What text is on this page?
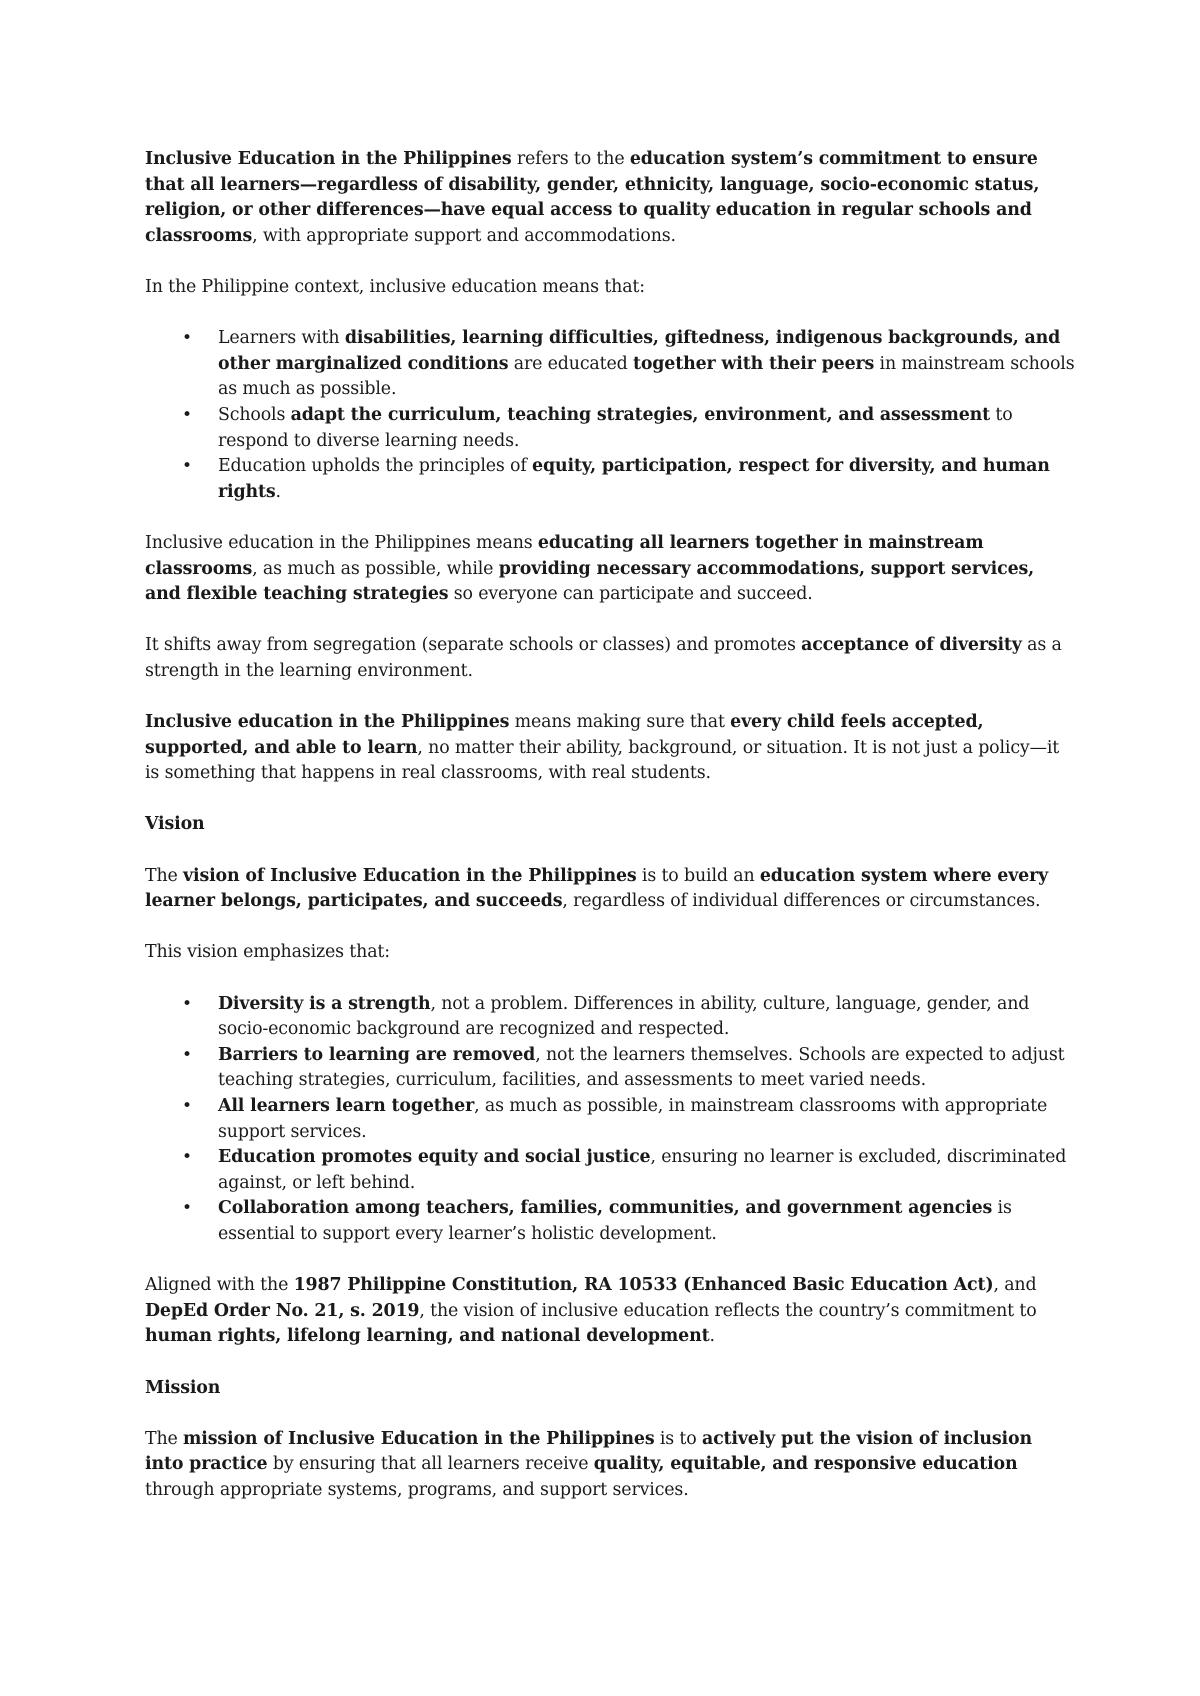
Inclusive Education in the Philippines refers to the education system’s commitment to ensure that all learners—regardless of disability, gender, ethnicity, language, socio-economic status, religion, or other differences—have equal access to quality education in regular schools and classrooms, with appropriate support and accommodations.

In the Philippine context, inclusive education means that:

• Learners with disabilities, learning difficulties, giftedness, indigenous backgrounds, and other marginalized conditions are educated together with their peers in mainstream schools as much as possible.
• Schools adapt the curriculum, teaching strategies, environment, and assessment to respond to diverse learning needs.
• Education upholds the principles of equity, participation, respect for diversity, and human rights.

Inclusive education in the Philippines means educating all learners together in mainstream classrooms, as much as possible, while providing necessary accommodations, support services, and flexible teaching strategies so everyone can participate and succeed.

It shifts away from segregation (separate schools or classes) and promotes acceptance of diversity as a strength in the learning environment.

Inclusive education in the Philippines means making sure that every child feels accepted, supported, and able to learn, no matter their ability, background, or situation. It is not just a policy—it is something that happens in real classrooms, with real students.

Vision

The vision of Inclusive Education in the Philippines is to build an education system where every learner belongs, participates, and succeeds, regardless of individual differences or circumstances.

This vision emphasizes that:

• Diversity is a strength, not a problem. Differences in ability, culture, language, gender, and socio-economic background are recognized and respected.
• Barriers to learning are removed, not the learners themselves. Schools are expected to adjust teaching strategies, curriculum, facilities, and assessments to meet varied needs.
• All learners learn together, as much as possible, in mainstream classrooms with appropriate support services.
• Education promotes equity and social justice, ensuring no learner is excluded, discriminated against, or left behind.
• Collaboration among teachers, families, communities, and government agencies is essential to support every learner’s holistic development.

Aligned with the 1987 Philippine Constitution, RA 10533 (Enhanced Basic Education Act), and DepEd Order No. 21, s. 2019, the vision of inclusive education reflects the country’s commitment to human rights, lifelong learning, and national development.

Mission

The mission of Inclusive Education in the Philippines is to actively put the vision of inclusion into practice by ensuring that all learners receive quality, equitable, and responsive education through appropriate systems, programs, and support services.
